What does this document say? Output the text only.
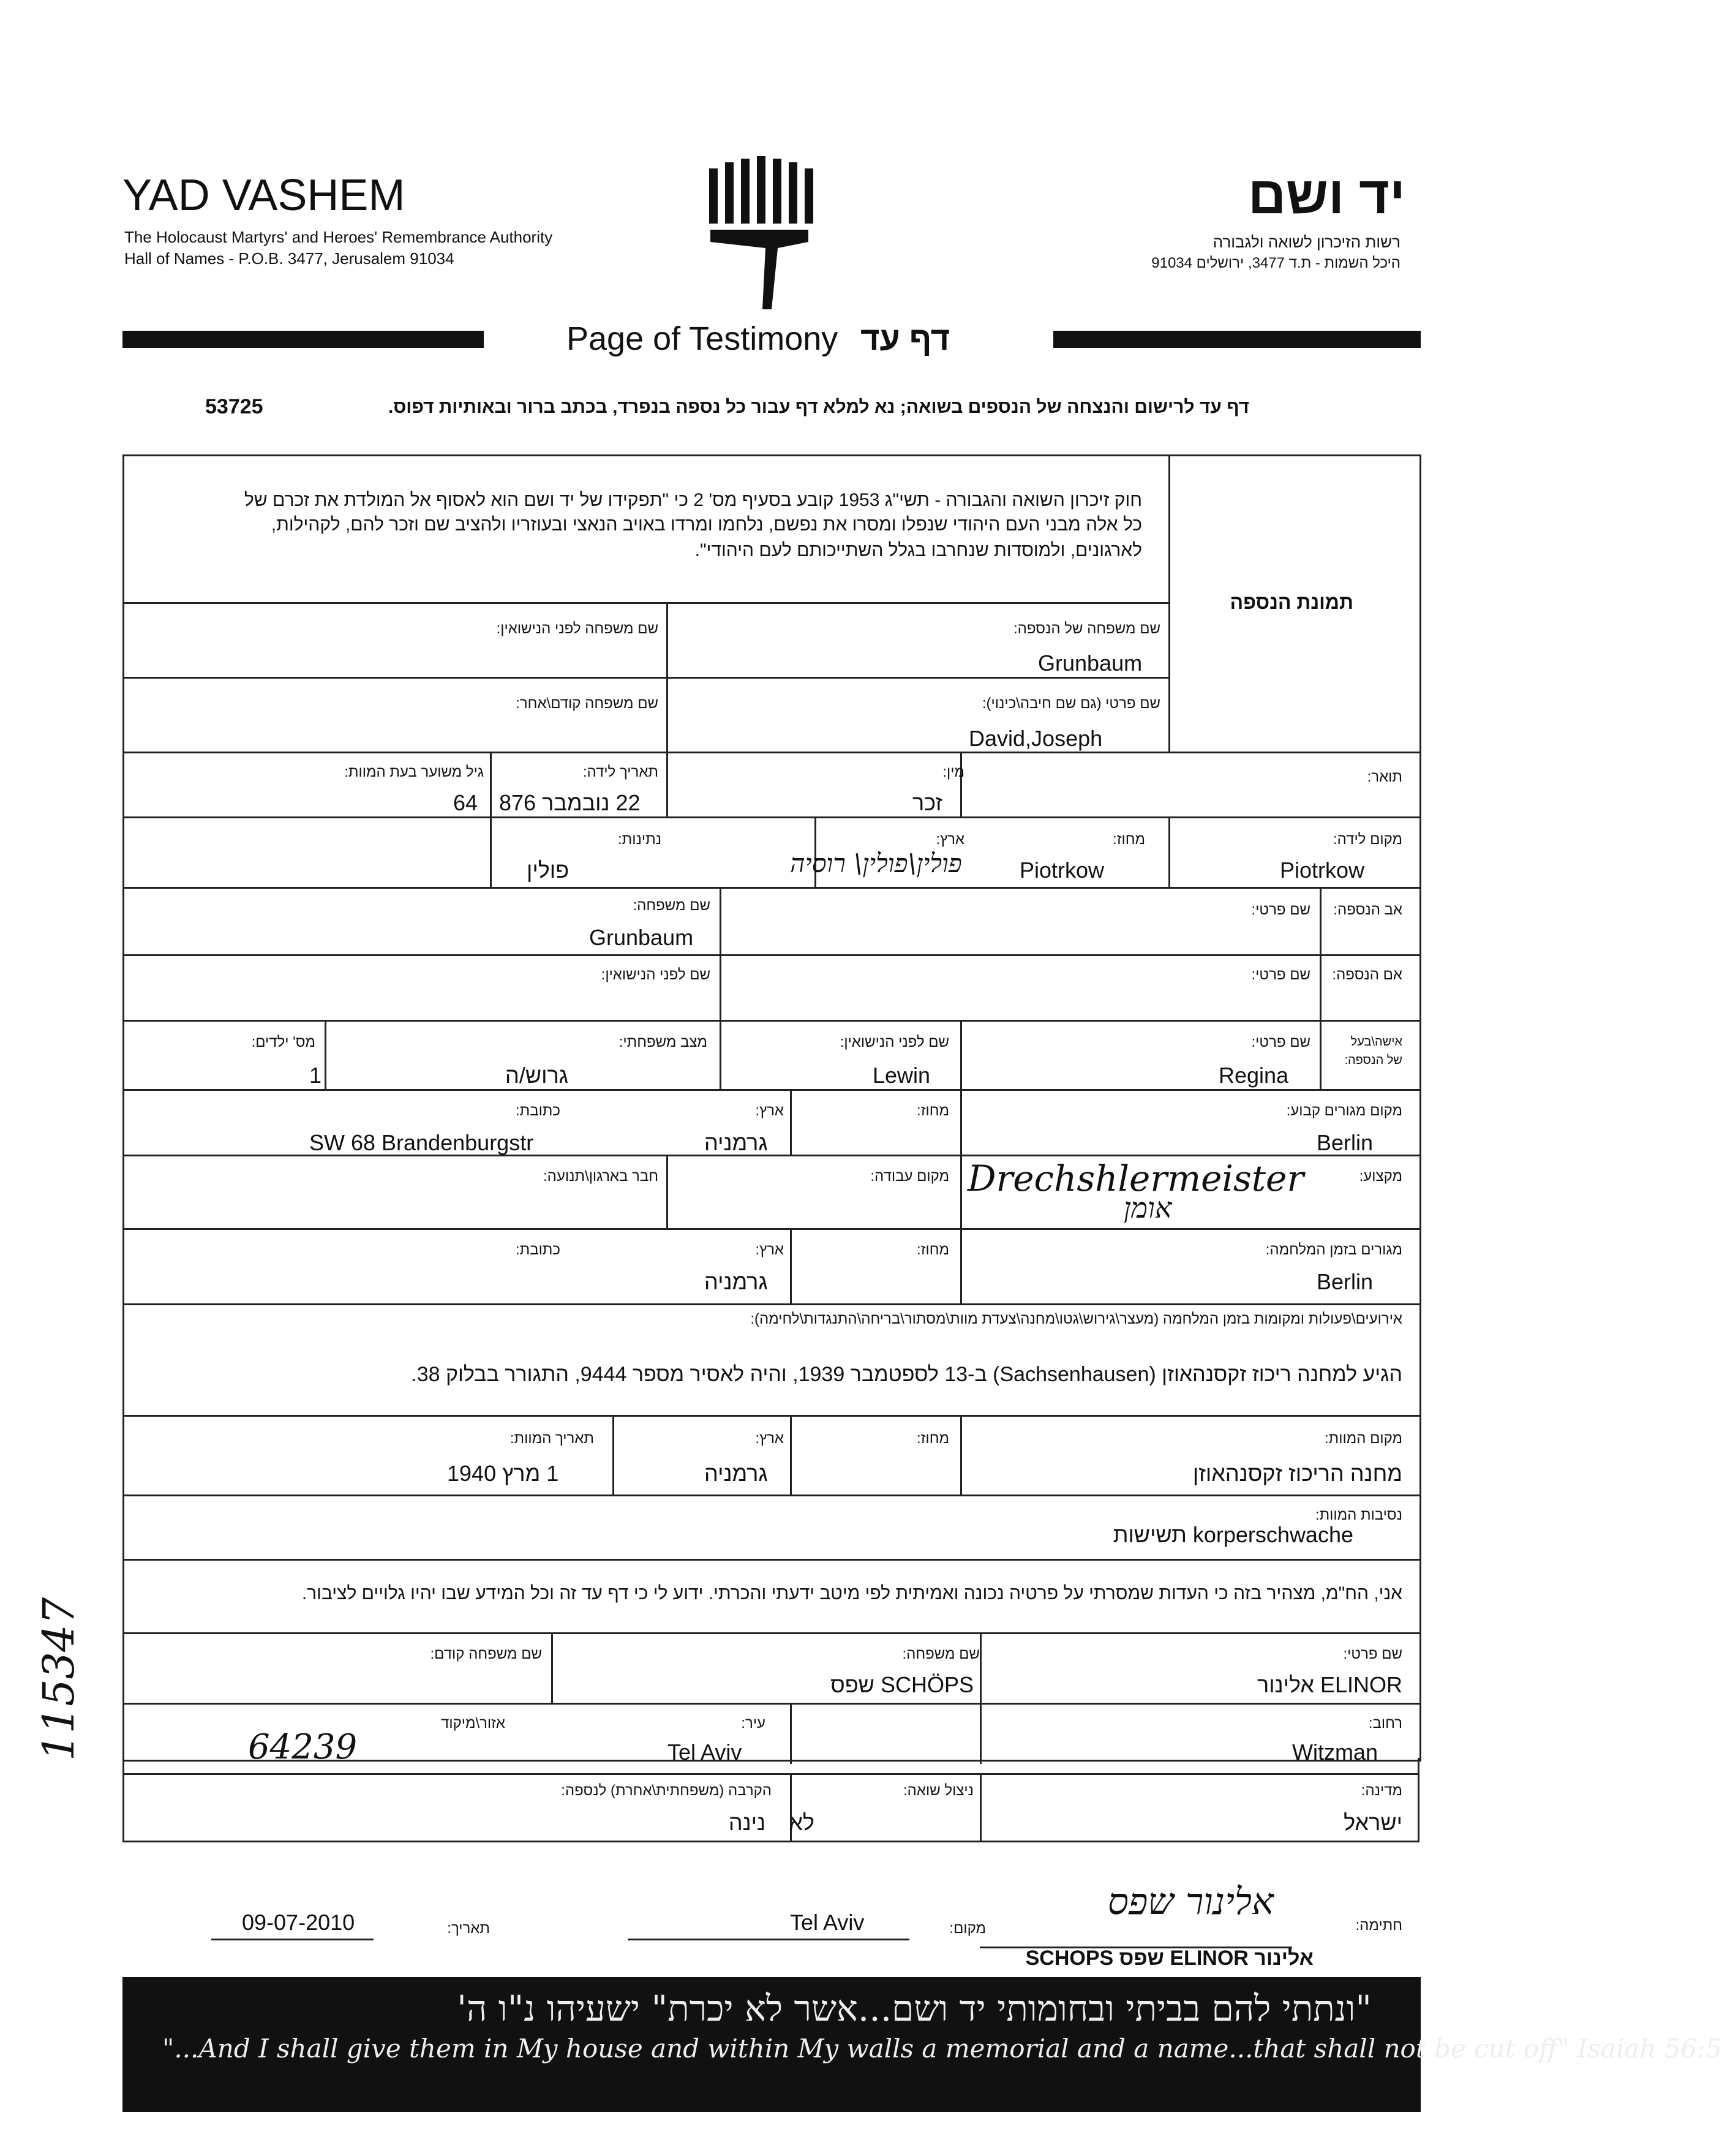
YAD VASHEM
The Holocaust Martyrs' and Heroes' Remembrance Authority
Hall of Names - P.O.B. 3477, Jerusalem 91034
יד ושם
רשות הזיכרון לשואה ולגבורה
היכל השמות - ת.ד 3477, ירושלים 91034
Page of Testimony דף עד
דף עד לרישום והנצחה של הנספים בשואה; נא למלא דף עבור כל נספה בנפרד, בכתב ברור ובאותיות דפוס.
53725
חוק זיכרון השואה והגבורה - תשי"ג 1953 קובע בסעיף מס' 2 כי "תפקידו של יד ושם הוא לאסוף אל המולדת את זכרם של
כל אלה מבני העם היהודי שנפלו ומסרו את נפשם, נלחמו ומרדו באויב הנאצי ובעוזריו ולהציב שם וזכר להם, לקהילות,
לארגונים, ולמוסדות שנחרבו בגלל השתייכותם לעם היהודי".
תמונת הנספה
שם משפחה של הנספה:
Grunbaum
שם משפחה לפני הנישואין:
שם פרטי (גם שם חיבה\כינוי):
David,Joseph
שם משפחה קודם\אחר:
תואר:
מין:
זכר
תאריך לידה:
22 נובמבר 876
גיל משוער בעת המוות:
64
מקום לידה:
Piotrkow
מחוז:
Piotrkow
ארץ:
פולין\פולין\ רוסיה
נתינות:
פולין
אב הנספה:
שם פרטי:
שם משפחה:
Grunbaum
אם הנספה:
שם פרטי:
שם לפני הנישואין:
אישה\בעל
של הנספה:
שם פרטי:
Regina
שם לפני הנישואין:
Lewin
מצב משפחתי:
גרוש/ה
מס' ילדים:
1
מקום מגורים קבוע:
Berlin
מחוז:
ארץ:
גרמניה
כתובת:
SW 68 Brandenburgstr
מקצוע:
Drechshlermeister
אומן
מקום עבודה:
חבר בארגון\תנועה:
מגורים בזמן המלחמה:
Berlin
מחוז:
ארץ:
גרמניה
כתובת:
אירועים\פעולות ומקומות בזמן המלחמה (מעצר\גירוש\גטו\מחנה\צעדת מוות\מסתור\בריחה\התנגדות\לחימה):
הגיע למחנה ריכוז זקסנהאוזן (Sachsenhausen) ב-13 לספטמבר 1939, והיה לאסיר מספר 9444, התגורר בבלוק 38.
מקום המוות:
מחנה הריכוז זקסנהאוזן
מחוז:
ארץ:
גרמניה
תאריך המוות:
1 מרץ 1940
נסיבות המוות:
korperschwache תשישות
אני, הח"מ, מצהיר בזה כי העדות שמסרתי על פרטיה נכונה ואמיתית לפי מיטב ידעתי והכרתי. ידוע לי כי דף עד זה וכל המידע שבו יהיו גלויים לציבור.
שם פרטי:
ELINOR אלינור
שם משפחה:
SCHÖPS שפס
שם משפחה קודם:
רחוב:
Witzman
עיר:
Tel Aviv
אזור\מיקוד
64239
מדינה:
ישראל
ניצול שואה:
לא
הקרבה (משפחתית\אחרת) לנספה:
נינה
חתימה:
אלינור שפס
מקום:
Tel Aviv
תאריך:
09-07-2010
אלינור ELINOR שפס SCHOPS
"ונתתי להם בביתי ובחומותי יד ושם...אשר לא יכרת" ישעיהו נ"ו ה'
"...And I shall give them in My house and within My walls a memorial and a name...that shall not be cut off" Isaiah 56:5
115347
